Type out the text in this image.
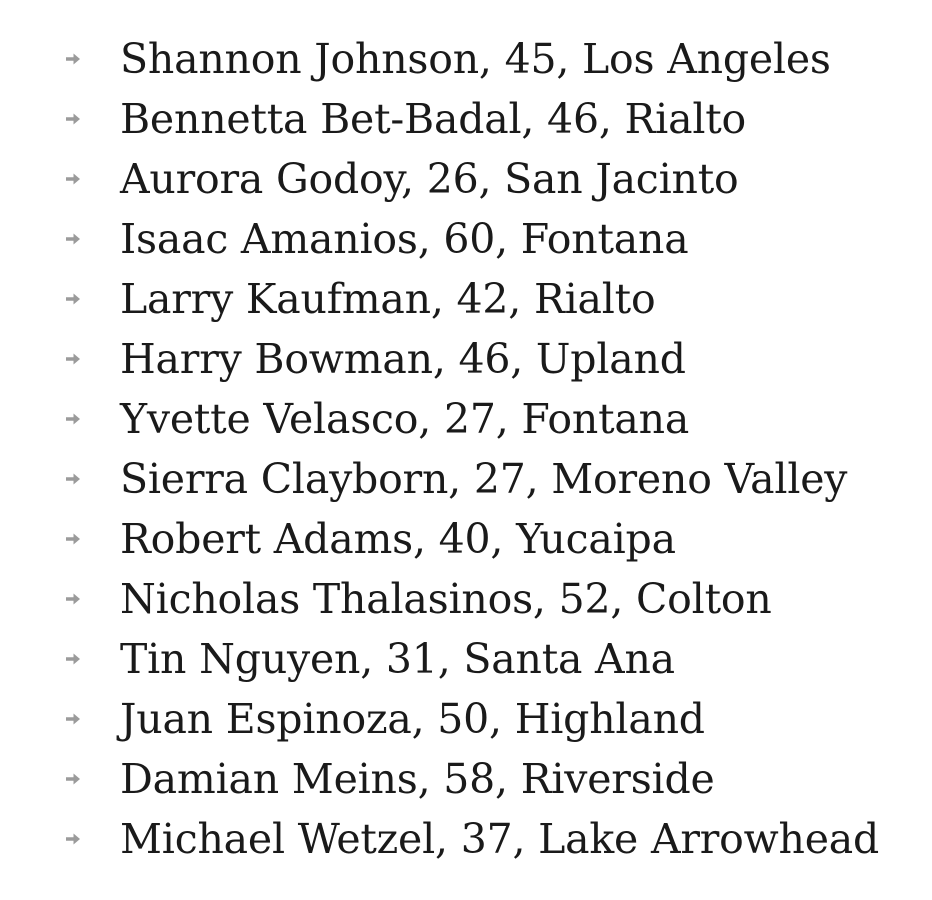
Shannon Johnson, 45, Los Angeles
Bennetta Bet-Badal, 46, Rialto
Aurora Godoy, 26, San Jacinto
Isaac Amanios, 60, Fontana
Larry Kaufman, 42, Rialto
Harry Bowman, 46, Upland
Yvette Velasco, 27, Fontana
Sierra Clayborn, 27, Moreno Valley
Robert Adams, 40, Yucaipa
Nicholas Thalasinos, 52, Colton
Tin Nguyen, 31, Santa Ana
Juan Espinoza, 50, Highland
Damian Meins, 58, Riverside
Michael Wetzel, 37, Lake Arrowhead
